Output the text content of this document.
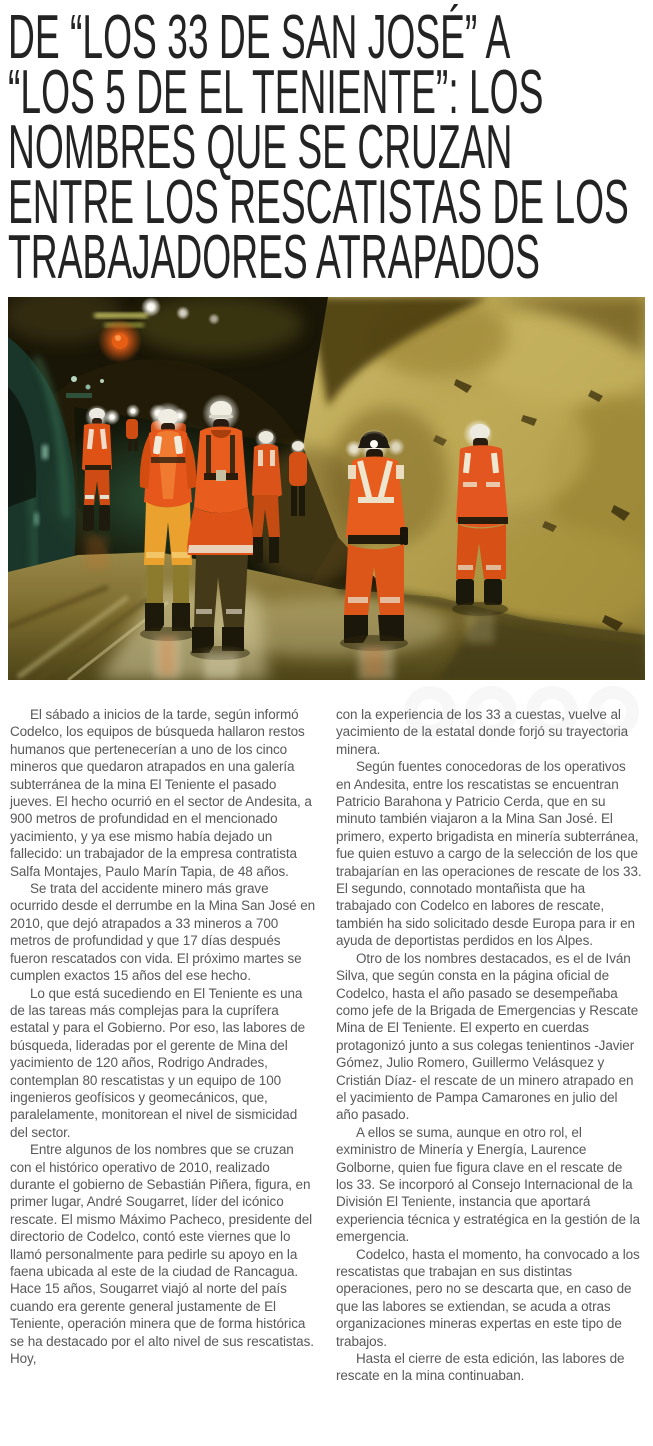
DE “LOS 33 DE SAN JOSÉ” A
“LOS 5 DE EL TENIENTE”: LOS
NOMBRES QUE SE CRUZAN
ENTRE LOS RESCATISTAS DE LOS
TRABAJADORES ATRAPADOS

El sábado a inicios de la tarde, según informó Codelco, los equipos de búsqueda hallaron restos humanos que pertenecerían a uno de los cinco mineros que quedaron atrapados en una galería subterránea de la mina El Teniente el pasado jueves. El hecho ocurrió en el sector de Andesita, a 900 metros de profundidad en el mencionado yacimiento, y ya ese mismo había dejado un fallecido: un trabajador de la empresa contratista Salfa Montajes, Paulo Marín Tapia, de 48 años.

Se trata del accidente minero más grave ocurrido desde el derrumbe en la Mina San José en 2010, que dejó atrapados a 33 mineros a 700 metros de profundidad y que 17 días después fueron rescatados con vida. El próximo martes se cumplen exactos 15 años del ese hecho.

Lo que está sucediendo en El Teniente es una de las tareas más complejas para la cuprífera estatal y para el Gobierno. Por eso, las labores de búsqueda, lideradas por el gerente de Mina del yacimiento de 120 años, Rodrigo Andrades, contemplan 80 rescatistas y un equipo de 100 ingenieros geofísicos y geomecánicos, que, paralelamente, monitorean el nivel de sismicidad del sector.

Entre algunos de los nombres que se cruzan con el histórico operativo de 2010, realizado durante el gobierno de Sebastián Piñera, figura, en primer lugar, André Sougarret, líder del icónico rescate. El mismo Máximo Pacheco, presidente del directorio de Codelco, contó este viernes que lo llamó personalmente para pedirle su apoyo en la faena ubicada al este de la ciudad de Rancagua. Hace 15 años, Sougarret viajó al norte del país cuando era gerente general justamente de El Teniente, operación minera que de forma histórica se ha destacado por el alto nivel de sus rescatistas. Hoy,

con la experiencia de los 33 a cuestas, vuelve al yacimiento de la estatal donde forjó su trayectoria minera.

Según fuentes conocedoras de los operativos en Andesita, entre los rescatistas se encuentran Patricio Barahona y Patricio Cerda, que en su minuto también viajaron a la Mina San José. El primero, experto brigadista en minería subterránea, fue quien estuvo a cargo de la selección de los que trabajarían en las operaciones de rescate de los 33. El segundo, connotado montañista que ha trabajado con Codelco en labores de rescate, también ha sido solicitado desde Europa para ir en ayuda de deportistas perdidos en los Alpes.

Otro de los nombres destacados, es el de Iván Silva, que según consta en la página oficial de Codelco, hasta el año pasado se desempeñaba como jefe de la Brigada de Emergencias y Rescate Mina de El Teniente. El experto en cuerdas protagonizó junto a sus colegas tenientinos -Javier Gómez, Julio Romero, Guillermo Velásquez y Cristián Díaz- el rescate de un minero atrapado en el yacimiento de Pampa Camarones en julio del año pasado.

A ellos se suma, aunque en otro rol, el exministro de Minería y Energía, Laurence Golborne, quien fue figura clave en el rescate de los 33. Se incorporó al Consejo Internacional de la División El Teniente, instancia que aportará experiencia técnica y estratégica en la gestión de la emergencia.

Codelco, hasta el momento, ha convocado a los rescatistas que trabajan en sus distintas operaciones, pero no se descarta que, en caso de que las labores se extiendan, se acuda a otras organizaciones mineras expertas en este tipo de trabajos.

Hasta el cierre de esta edición, las labores de rescate en la mina continuaban.
